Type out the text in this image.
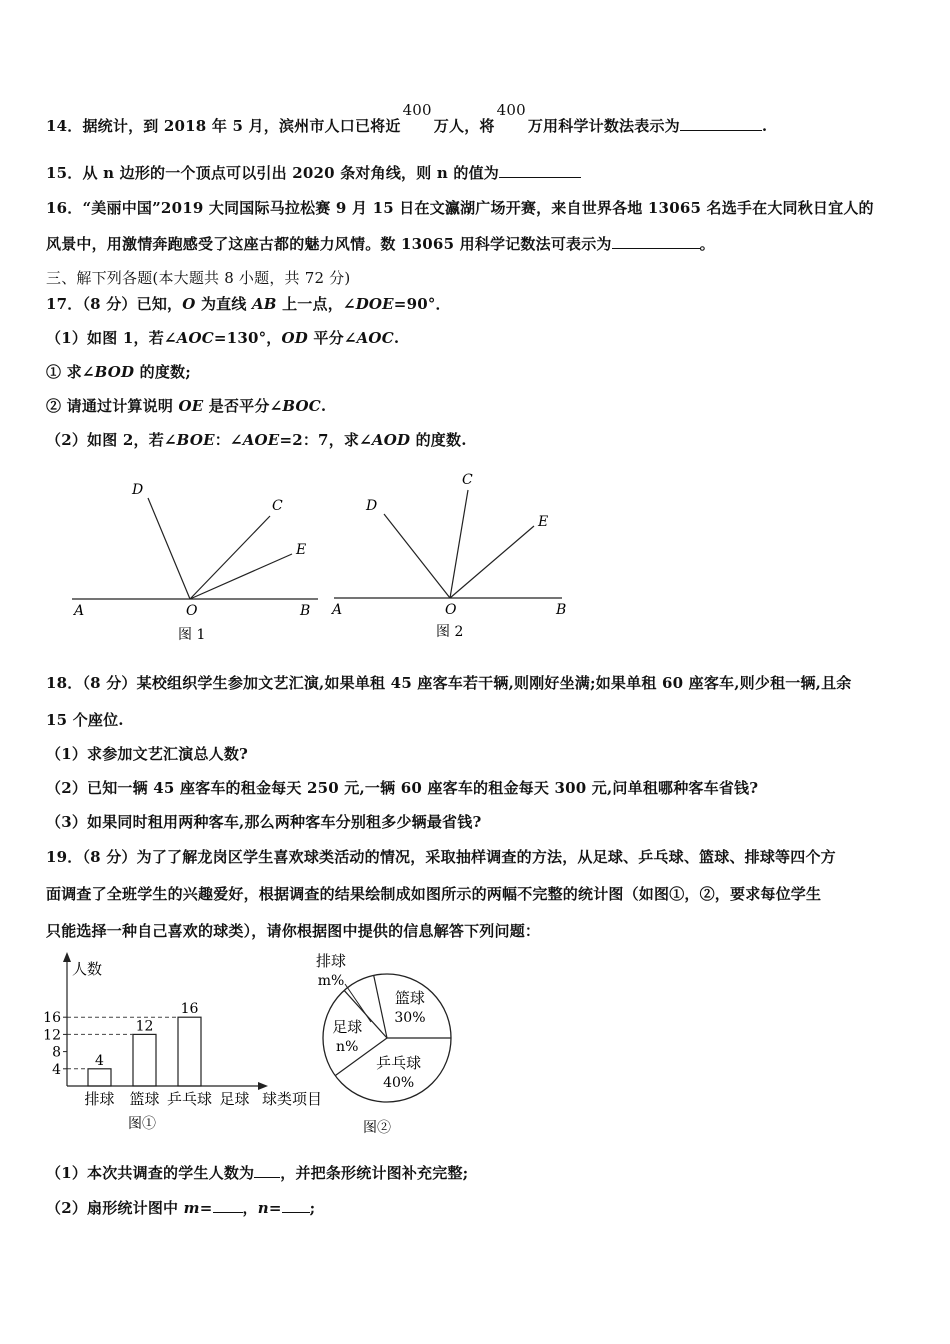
14．据统计，到 2018 年 5 月，滨州市人口已将近400万人，将400万用科学计数法表示为	.
15．从 n 边形的一个顶点可以引出 2020 条对角线，则 n 的值为
16．“美丽中国”2019 大同国际马拉松赛 9 月 15 日在文瀛湖广场开赛，来自世界各地 13065 名选手在大同秋日宜人的
风景中，用激情奔跑感受了这座古都的魅力风情。数 13065 用科学记数法可表示为	。
三、解下列各题(本大题共 8 小题，共 72 分)
17．（8 分）已知，O 为直线 AB 上一点，∠DOE=90°．
（1）如图 1，若∠AOC=130°，OD 平分∠AOC.
① 求∠BOD 的度数;
② 请通过计算说明 OE 是否平分∠BOC.
（2）如图 2，若∠BOE：∠AOE=2：7，求∠AOD 的度数.
D
C
E
A	O	B
图 1
D
C
E
A	O	B
图 2
18．（8 分）某校组织学生参加文艺汇演,如果单租 45 座客车若干辆,则刚好坐满;如果单租 60 座客车,则少租一辆,且余
15 个座位.
（1）求参加文艺汇演总人数?
（2）已知一辆 45 座客车的租金每天 250 元,一辆 60 座客车的租金每天 300 元,问单租哪种客车省钱?
（3）如果同时租用两种客车,那么两种客车分别租多少辆最省钱?
19．（8 分）为了了解龙岗区学生喜欢球类活动的情况，采取抽样调查的方法，从足球、乒乓球、篮球、排球等四个方
面调查了全班学生的兴趣爱好，根据调查的结果绘制成如图所示的两幅不完整的统计图（如图①，②，要求每位学生
只能选择一种自己喜欢的球类），请你根据图中提供的信息解答下列问题：
4
8
12
16
4
排球
12
篮球
16
乒乓球 足球
人数
球类项目
图①
排球
m%
篮球
30%
乒乓球
40%
足球
n%
图②
（1）本次共调查的学生人数为 ，并把条形统计图补充完整;
（2）扇形统计图中 m= ，n= ;
